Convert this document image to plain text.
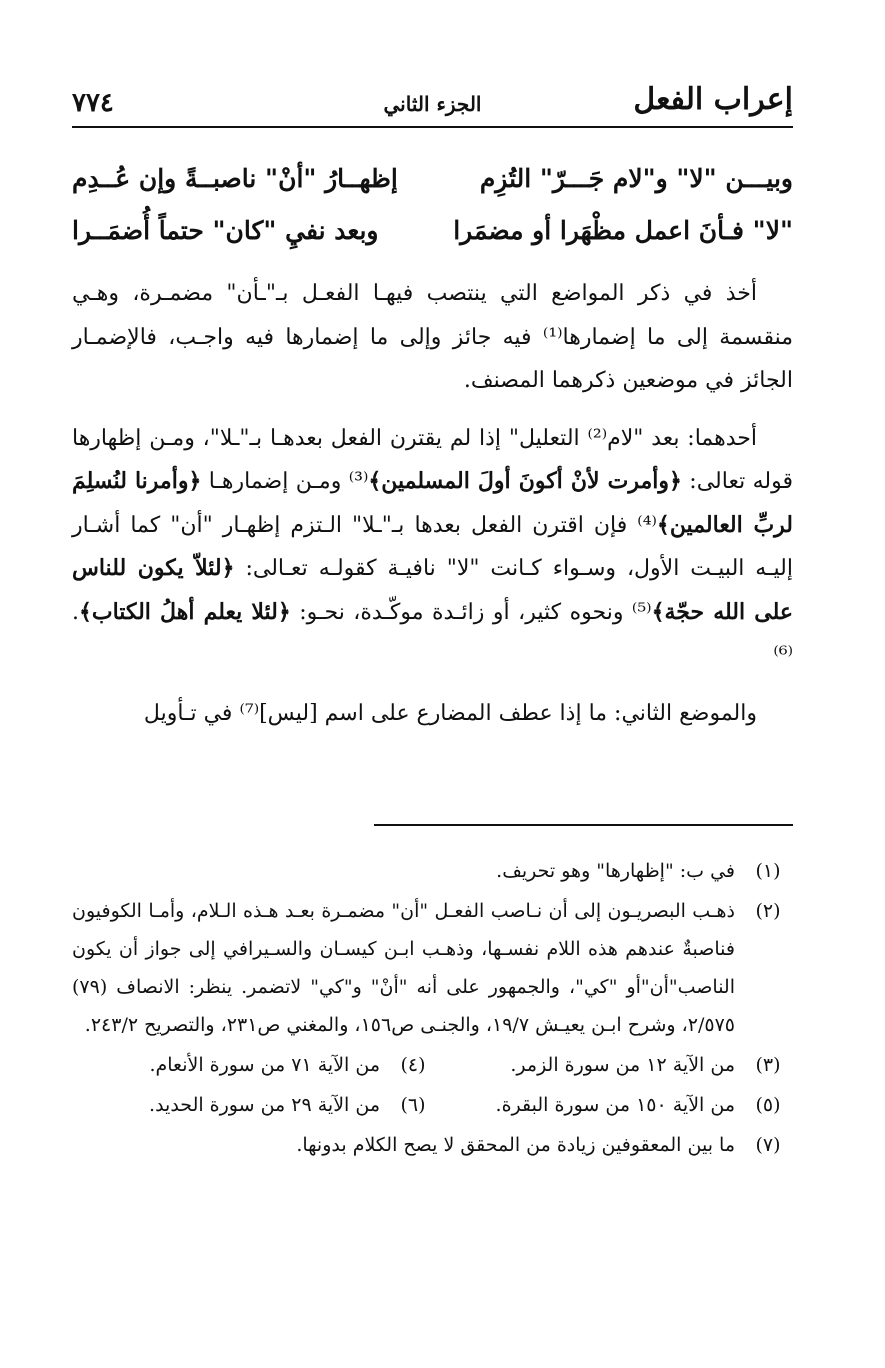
إعراب الفعل
الجزء الثاني
٧٧٤
وبيـــن "لا" و"لام جَـــرّ" التُزِم
إظهــارُ "أنْ" ناصبــةً وإن عُــدِم
"لا" فـأنَ اعمل مظْهَرا أو مضمَرا
وبعد نفيِ "كان" حتماً أُضمَــرا

أخذ في ذكر المواضع التي ينتصب فيهـا الفعـل بـ"ـأن" مضمـرة، وهـي منقسمة إلى ما إضمارها⁽¹⁾ فيه جائز وإلى ما إضمارها فيه واجـب، فالإضمـار الجائز في موضعين ذكرهما المصنف.

أحدهما: بعد "لام⁽²⁾ التعليل" إذا لم يقترن الفعل بعدهـا بـ"ـلا"، ومـن إظهارها قوله تعالى: ﴿وأمرت لأنْ أكونَ أولَ المسلمين﴾⁽³⁾ ومـن إضمارهـا ﴿وأمرنا لنُسلِمَ لربِّ العالمين﴾⁽⁴⁾ فإن اقترن الفعل بعدها بـ"ـلا" الـتزم إظهـار "أن" كما أشـار إليـه البيـت الأول، وسـواء كـانت "لا" نافيـة كقولـه تعـالى: ﴿لئلاّ يكون للناس على الله حجّة﴾⁽⁵⁾ ونحوه كثير، أو زائـدة موكّـدة، نحـو: ﴿لئلا يعلم أهلُ الكتاب﴾.⁽⁶⁾

والموضع الثاني: ما إذا عطف المضارع على اسم [ليس]⁽⁷⁾ في تـأويل

(١)
في ب: "إظهارها" وهو تحريف.
(٢)
ذهـب البصريـون إلى أن نـاصب الفعـل "أن" مضمـرة بعـد هـذه الـلام، وأمـا الكوفيون فناصبةٌ عندهم هذه اللام نفسـها، وذهـب ابـن كيسـان والسـيرافي إلى جواز أن يكون الناصب"أن"أو "كي"، والجمهور على أنه "أنْ" و"كي" لاتضمر. ينظر: الانصاف (٧٩) ٢/٥٧٥، وشرح ابـن يعيـش ١٩/٧، والجنـى ص١٥٦، والمغني ص٢٣١، والتصريح ٢٤٣/٢.
(٣)
من الآية ١٢ من سورة الزمر.
(٤)
من الآية ٧١ من سورة الأنعام.
(٥)
من الآية ١٥٠ من سورة البقرة.
(٦)
من الآية ٢٩ من سورة الحديد.
(٧)
ما بين المعقوفين زيادة من المحقق لا يصح الكلام بدونها.
